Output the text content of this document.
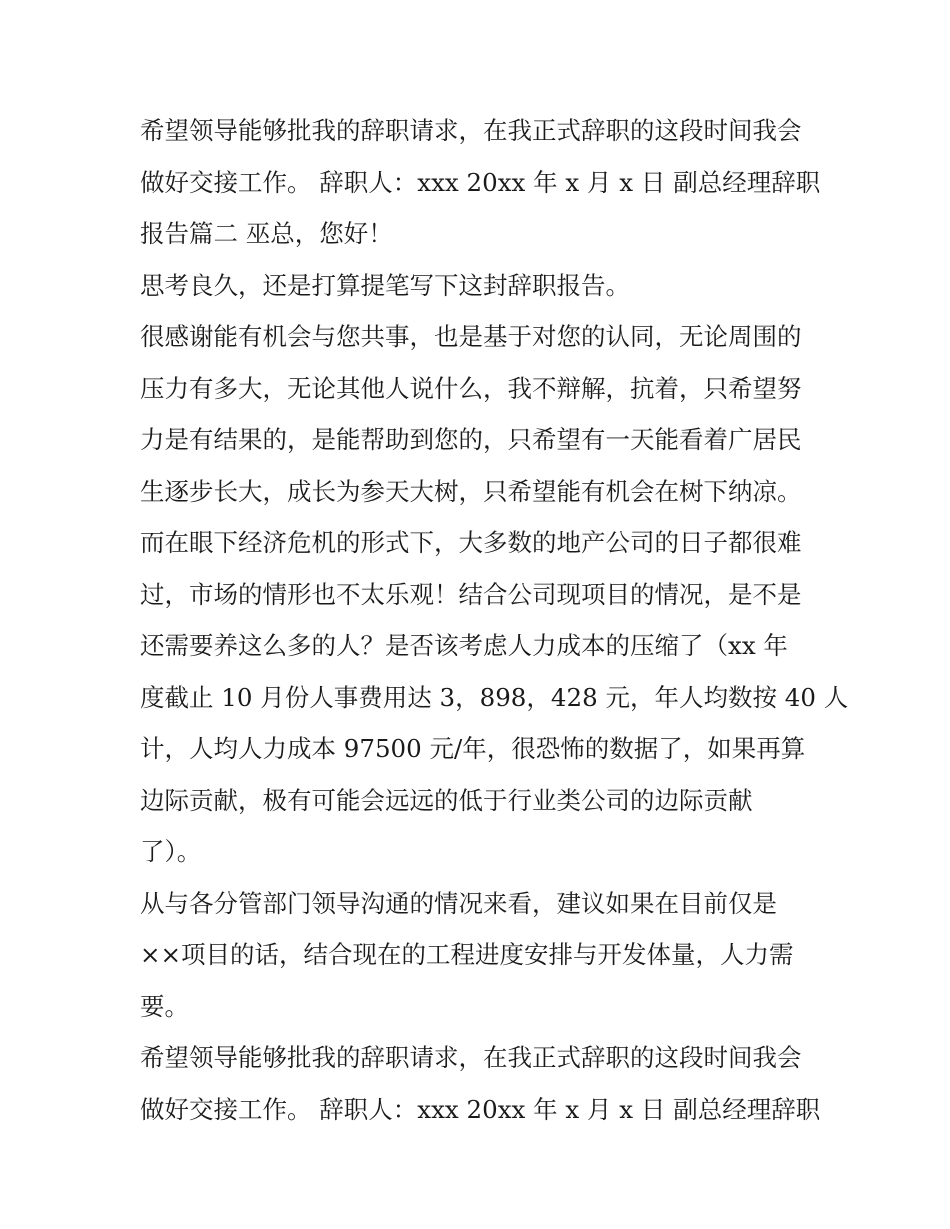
希望领导能够批我的辞职请求，在我正式辞职的这段时间我会
做好交接工作。 辞职人：xxx 20xx 年 x 月 x 日 副总经理辞职
报告篇二 巫总，您好！
思考良久，还是打算提笔写下这封辞职报告。
很感谢能有机会与您共事，也是基于对您的认同，无论周围的
压力有多大，无论其他人说什么，我不辩解，抗着，只希望努
力是有结果的，是能帮助到您的，只希望有一天能看着广居民
生逐步长大，成长为参天大树，只希望能有机会在树下纳凉。
而在眼下经济危机的形式下，大多数的地产公司的日子都很难
过，市场的情形也不太乐观！结合公司现项目的情况，是不是
还需要养这么多的人？是否该考虑人力成本的压缩了（xx 年
度截止 10 月份人事费用达 3，898，428 元，年人均数按 40 人
计，人均人力成本 97500 元/年，很恐怖的数据了，如果再算
边际贡献，极有可能会远远的低于行业类公司的边际贡献
了）。
从与各分管部门领导沟通的情况来看，建议如果在目前仅是
××项目的话，结合现在的工程进度安排与开发体量，人力需
要。
希望领导能够批我的辞职请求，在我正式辞职的这段时间我会
做好交接工作。 辞职人：xxx 20xx 年 x 月 x 日 副总经理辞职
